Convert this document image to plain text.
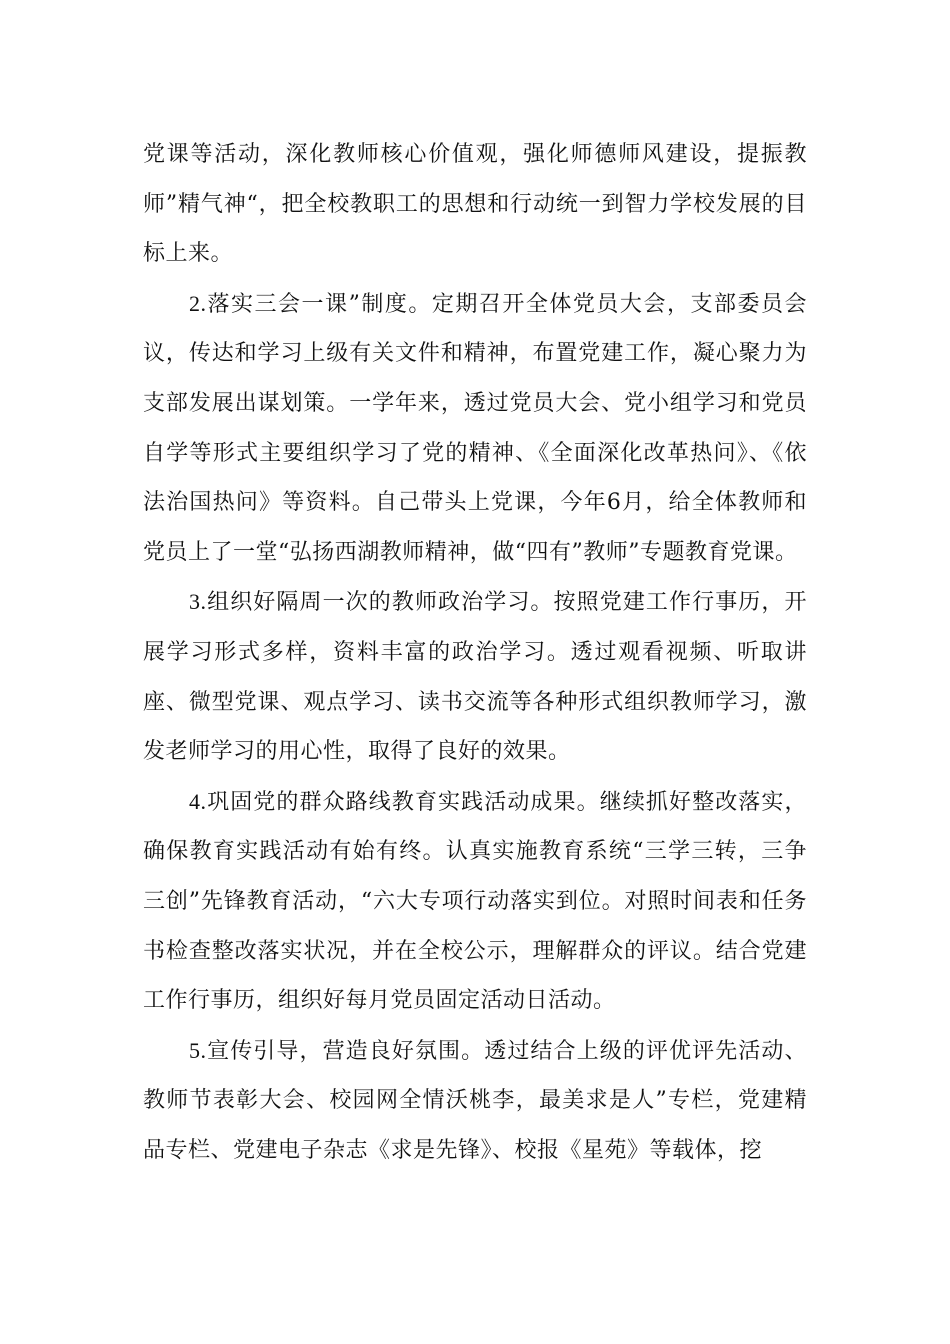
党课等活动，深化教师核心价值观，强化师德师风建设，提振教师”精气神“，把全校教职工的思想和行动统一到智力学校发展的目标上来。

2.落实三会一课”制度。定期召开全体党员大会，支部委员会议，传达和学习上级有关文件和精神，布置党建工作，凝心聚力为支部发展出谋划策。一学年来，透过党员大会、党小组学习和党员自学等形式主要组织学习了党的精神、《全面深化改革热问》、《依法治国热问》等资料。自己带头上党课，今年6月，给全体教师和党员上了一堂“弘扬西湖教师精神，做“四有”教师”专题教育党课。

3.组织好隔周一次的教师政治学习。按照党建工作行事历，开展学习形式多样，资料丰富的政治学习。透过观看视频、听取讲座、微型党课、观点学习、读书交流等各种形式组织教师学习，激发老师学习的用心性，取得了良好的效果。

4.巩固党的群众路线教育实践活动成果。继续抓好整改落实，确保教育实践活动有始有终。认真实施教育系统“三学三转，三争三创”先锋教育活动，“六大专项行动落实到位。对照时间表和任务书检查整改落实状况，并在全校公示，理解群众的评议。结合党建工作行事历，组织好每月党员固定活动日活动。

5.宣传引导，营造良好氛围。透过结合上级的评优评先活动、教师节表彰大会、校园网全情沃桃李，最美求是人”专栏，党建精品专栏、党建电子杂志《求是先锋》、校报《星苑》等载体，挖
